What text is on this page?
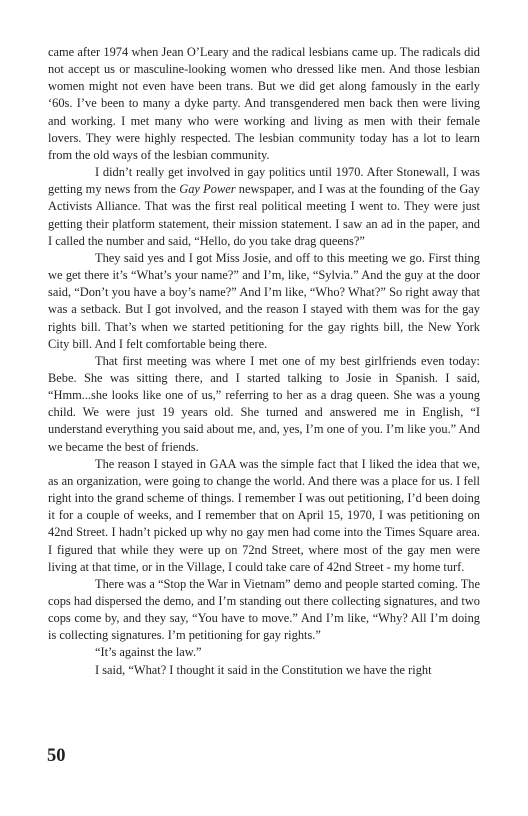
came after 1974 when Jean O’Leary and the radical lesbians came up. The radicals did not accept us or masculine-looking women who dressed like men. And those lesbian women might not even have been trans. But we did get along famously in the early ‘60s. I’ve been to many a dyke party. And transgendered men back then were living and working. I met many who were working and living as men with their female lovers. They were highly respected. The lesbian community today has a lot to learn from the old ways of the lesbian community.

I didn’t really get involved in gay politics until 1970. After Stonewall, I was getting my news from the Gay Power newspaper, and I was at the founding of the Gay Activists Alliance. That was the first real political meeting I went to. They were just getting their platform statement, their mission statement. I saw an ad in the paper, and I called the number and said, “Hello, do you take drag queens?”

They said yes and I got Miss Josie, and off to this meeting we go. First thing we get there it’s “What’s your name?” and I’m, like, “Sylvia.” And the guy at the door said, “Don’t you have a boy’s name?” And I’m like, “Who? What?” So right away that was a setback. But I got involved, and the reason I stayed with them was for the gay rights bill. That’s when we started petitioning for the gay rights bill, the New York City bill. And I felt comfortable being there.

That first meeting was where I met one of my best girlfriends even today: Bebe. She was sitting there, and I started talking to Josie in Spanish. I said, “Hmm...she looks like one of us,” referring to her as a drag queen. She was a young child. We were just 19 years old. She turned and answered me in English, “I understand everything you said about me, and, yes, I’m one of you. I’m like you.” And we became the best of friends.

The reason I stayed in GAA was the simple fact that I liked the idea that we, as an organization, were going to change the world. And there was a place for us. I fell right into the grand scheme of things. I remember I was out petitioning, I’d been doing it for a couple of weeks, and I remember that on April 15, 1970, I was petitioning on 42nd Street. I hadn’t picked up why no gay men had come into the Times Square area. I figured that while they were up on 72nd Street, where most of the gay men were living at that time, or in the Village, I could take care of 42nd Street - my home turf.

There was a “Stop the War in Vietnam” demo and people started coming. The cops had dispersed the demo, and I’m standing out there collecting signatures, and two cops come by, and they say, “You have to move.” And I’m like, “Why? All I’m doing is collecting signatures. I’m petitioning for gay rights.”

“It’s against the law.”

I said, “What? I thought it said in the Constitution we have the right

50
